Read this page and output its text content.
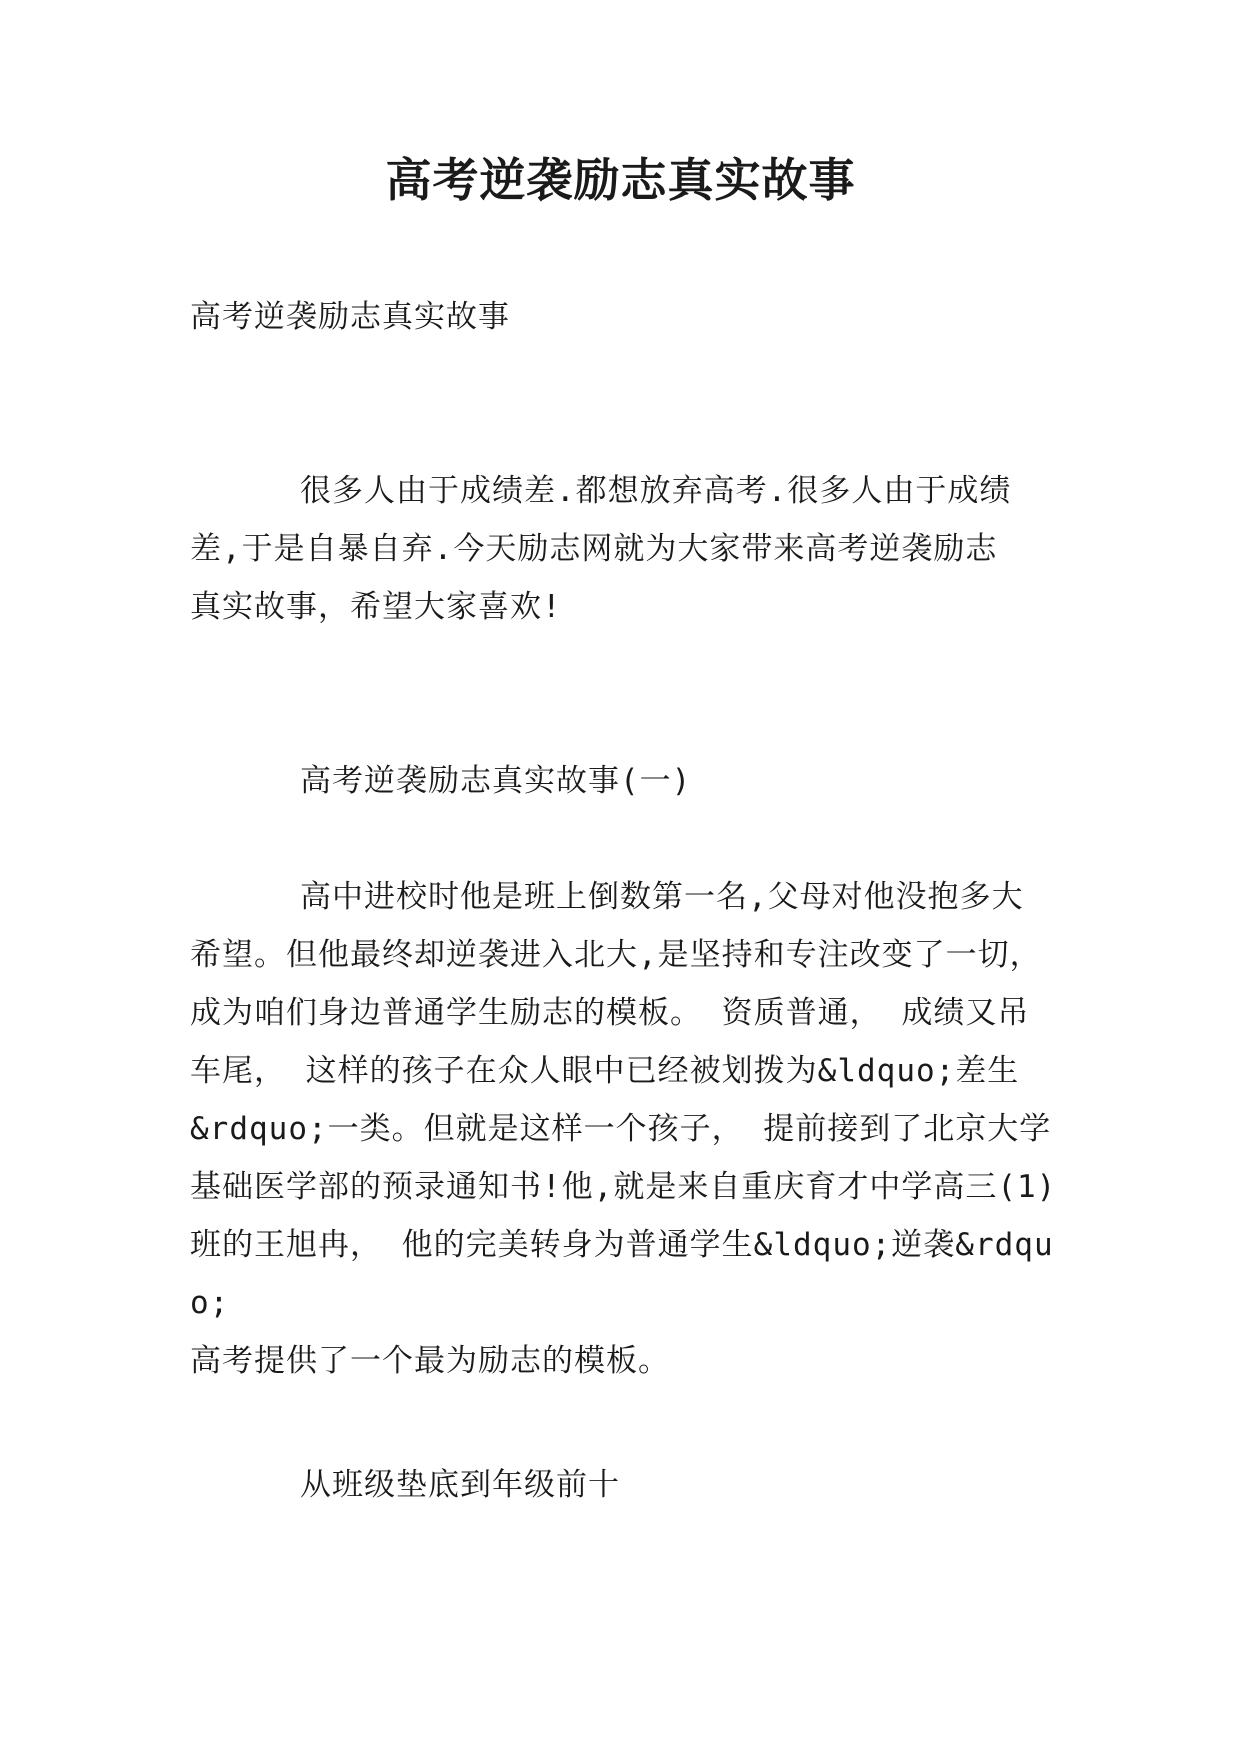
高考逆袭励志真实故事

高考逆袭励志真实故事

很多人由于成绩差.都想放弃高考.很多人由于成绩
差,于是自暴自弃.今天励志网就为大家带来高考逆袭励志
真实故事，希望大家喜欢!

高考逆袭励志真实故事(一)

高中进校时他是班上倒数第一名,父母对他没抱多大
希望。但他最终却逆袭进入北大,是坚持和专注改变了一切，
成为咱们身边普通学生励志的模板。 资质普通， 成绩又吊
车尾， 这样的孩子在众人眼中已经被划拨为&ldquo;差生
&rdquo;一类。但就是这样一个孩子， 提前接到了北京大学
基础医学部的预录通知书!他,就是来自重庆育才中学高三(1)
班的王旭冉， 他的完美转身为普通学生&ldquo;逆袭&rdquo;
高考提供了一个最为励志的模板。

从班级垫底到年级前十
